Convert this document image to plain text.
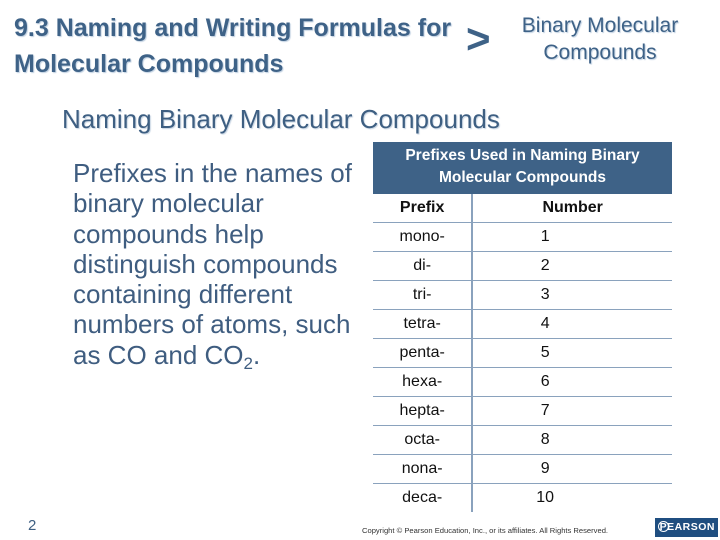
9.3 Naming and Writing Formulas for
Molecular Compounds
>	Binary Molecular Compounds
Naming Binary Molecular Compounds
Prefixes in the names of binary molecular compounds help distinguish compounds containing different numbers of atoms, such as CO and $CO_2$.
Prefixes Used in Naming Binary Molecular Compounds
Prefix	Number
mono-	1
di-	2
tri-	3
tetra-	4
penta-	5
hexa-	6
hepta-	7
octa-	8
nona-	9
deca-	10
2	Copyright © Pearson Education, Inc., or its affiliates. All Rights Reserved.	PEARSON
